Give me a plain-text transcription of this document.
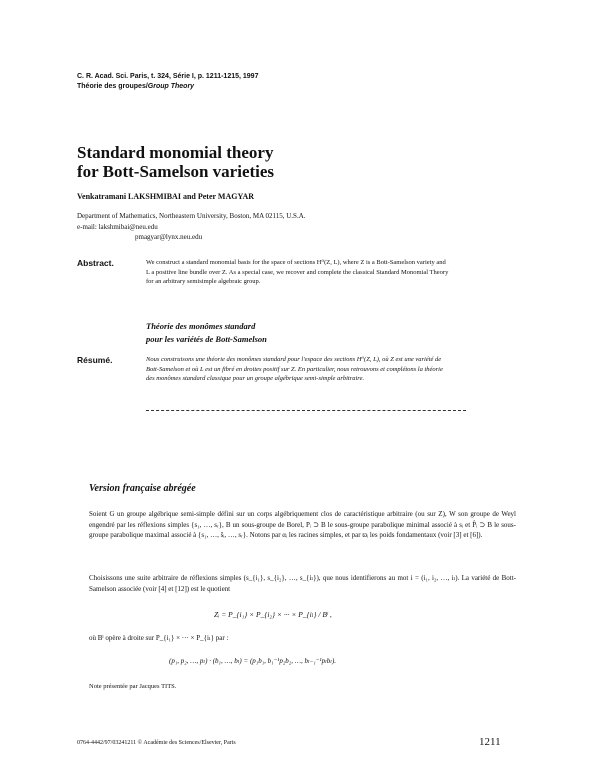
C. R. Acad. Sci. Paris, t. 324, Série I, p. 1211-1215, 1997
Théorie des groupes/Group Theory
Standard monomial theory
for Bott-Samelson varieties
Venkatramani LAKSHMIBAI and Peter MAGYAR
Department of Mathematics, Northeastern University, Boston, MA 02115, U.S.A.
e-mail: lakshmibai@neu.edu
pmagyar@lynx.neu.edu
Abstract.	We construct a standard monomial basis for the space of sections H⁰(Z, L), where Z is a Bott-Samelson variety and L a positive line bundle over Z. As a special case, we recover and complete the classical Standard Monomial Theory for an arbitrary semisimple algebraic group.
Théorie des monômes standard
pour les variétés de Bott-Samelson
Résumé.	Nous construisons une théorie des monômes standard pour l'espace des sections H⁰(Z, L), où Z est une variété de Bott-Samelson et où L est un fibré en droites positif sur Z. En particulier, nous retrouvons et complétons la théorie des monômes standard classique pour un groupe algébrique semi-simple arbitraire.
Version française abrégée
Soient G un groupe algébrique semi-simple défini sur un corps algébriquement clos de caractéristique arbitraire (ou sur Z), W son groupe de Weyl engendré par les réflexions simples {s₁, …, sᵣ}, B un sous-groupe de Borel, Pᵢ ⊃ B le sous-groupe parabolique minimal associé à sᵢ et P̂ᵢ ⊃ B le sous-groupe parabolique maximal associé à {s₁, …, ŝᵢ, …, sᵣ}. Notons par αᵢ les racines simples, et par ϖᵢ les poids fondamentaux (voir [3] et [6]).
Choisissons une suite arbitraire de réflexions simples (s_{i₁}, s_{i₂}, …, s_{iₗ}), que nous identifierons au mot i = (i₁, i₂, …, iₗ). La variété de Bott-Samelson associée (voir [4] et [12]) est le quotient
Zᵢ = P_{i₁} × P_{i₂} × ··· × P_{iₗ} / Bˡ ,
où Bˡ opère à droite sur P_{i₁} × ··· × P_{iₗ} par :
(p₁, p₂, …, pₗ) · (b₁, …, bₗ) = (p₁b₁, b₁⁻¹p₂b₂, …, bₗ₋₁⁻¹pₗbₗ).
Note présentée par Jacques TITS.
0764-4442/97/03241211 © Académie des Sciences/Elsevier, Paris	1211
